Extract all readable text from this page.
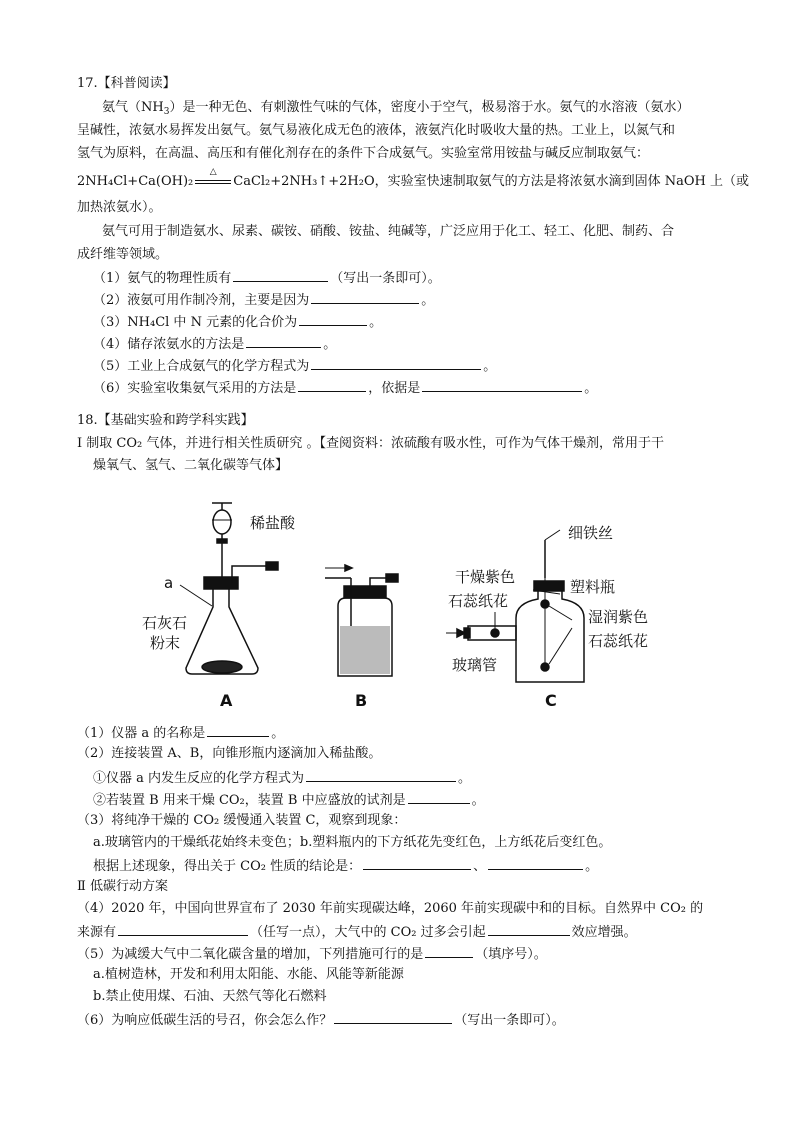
17.【科普阅读】
氨气$(NH_3)$是一种无色、有刺激性气味的气体，密度小于空气，极易溶于水。氨气的水溶液（氨水）
呈碱性，浓氨水易挥发出氨气。氨气易液化成无色的液体，液氨汽化时吸收大量的热。工业上，以氮气和
氢气为原料，在高温、高压和有催化剂存在的条件下合成氨气。实验室常用铵盐与碱反应制取氨气：
2NH₄Cl+Ca(OH)₂
△
CaCl₂+2NH₃↑+2H₂O，实验室快速制取氨气的方法是将浓氨水滴到固体 NaOH 上（或
加热浓氨水）。
氨气可用于制造氨水、尿素、碳铵、硝酸、铵盐、纯碱等，广泛应用于化工、轻工、化肥、制药、合
成纤维等领域。
（1）氨气的物理性质有	（写出一条即可）。
（2）液氨可用作制冷剂，主要是因为	。
（3）NH₄Cl 中 N 元素的化合价为	。
（4）储存浓氨水的方法是	。
（5）工业上合成氨气的化学方程式为	。
（6）实验室收集氨气采用的方法是	，依据是	。
18.【基础实验和跨学科实践】
Ⅰ 制取 CO₂ 气体，并进行相关性质研究 。【查阅资料：浓硫酸有吸水性，可作为气体干燥剂，常用于干
燥氧气、氢气、二氧化碳等气体】
稀盐酸
a
石灰石
粉末
A	B
细铁丝
干燥紫色
石蕊纸花
塑料瓶
湿润紫色
石蕊纸花
玻璃管
C
（1）仪器 a 的名称是	。
（2）连接装置 A、B，向锥形瓶内逐滴加入稀盐酸。
①仪器 a 内发生反应的化学方程式为	。
②若装置 B 用来干燥 CO₂，装置 B 中应盛放的试剂是	。
（3）将纯净干燥的 CO₂ 缓慢通入装置 C，观察到现象：
a.玻璃管内的干燥纸花始终未变色；b.塑料瓶内的下方纸花先变红色，上方纸花后变红色。
根据上述现象，得出关于 CO₂ 性质的结论是：	、	。
Ⅱ 低碳行动方案
（4）2020 年，中国向世界宣布了 2030 年前实现碳达峰，2060 年前实现碳中和的目标。自然界中 CO₂ 的
来源有	（任写一点），大气中的 CO₂ 过多会引起	效应增强。
（5）为减缓大气中二氧化碳含量的增加，下列措施可行的是	（填序号）。
a.植树造林，开发和利用太阳能、水能、风能等新能源
b.禁止使用煤、石油、天然气等化石燃料
（6）为响应低碳生活的号召，你会怎么作？	（写出一条即可）。
